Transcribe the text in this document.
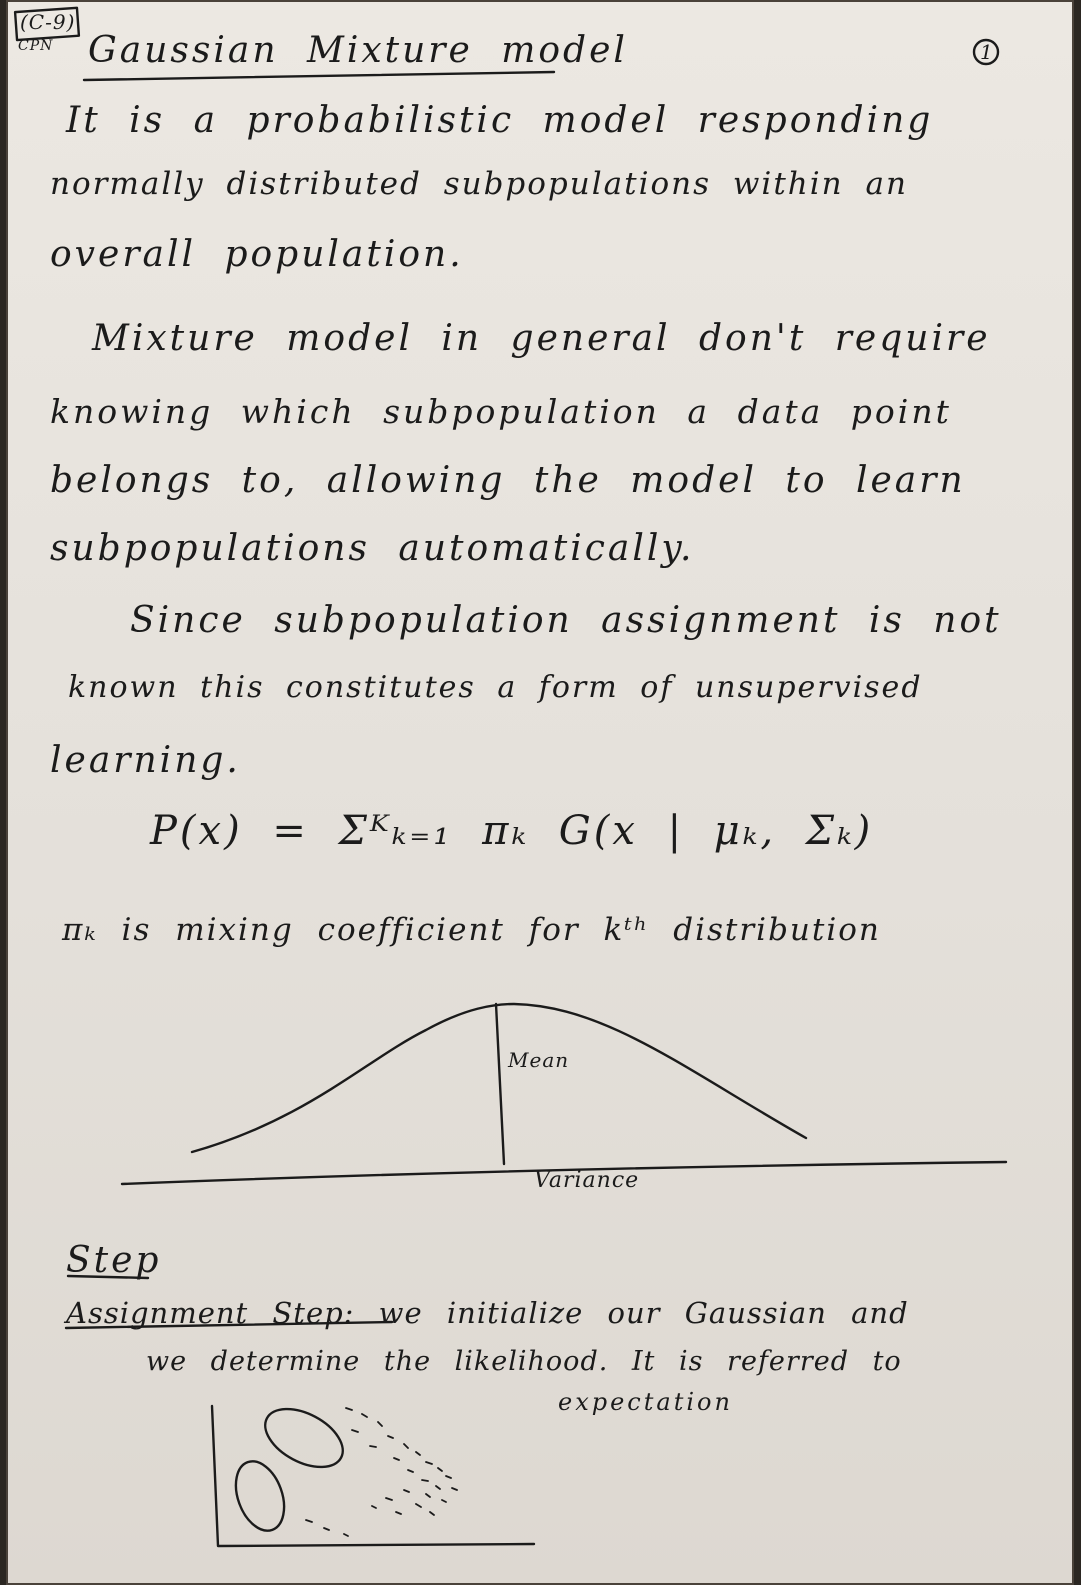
(C-9)

CPN Gaussian Mixture model	1

It is a probabilistic model responding

normally distributed subpopulations within an

overall population.

Mixture model in general don't require

knowing which subpopulation a data point

belongs to, allowing the model to learn

subpopulations automatically.

Since subpopulation assignment is not

known this constitutes a form of unsupervised

learning.

P(x) = Σᴷₖ₌₁ πₖ G(x | μₖ, Σₖ)

πₖ is mixing coefficient for kᵗʰ distribution

Mean

Variance

Step

Assignment Step: we initialize our Gaussian and

we determine the likelihood. It is referred to

expectation
